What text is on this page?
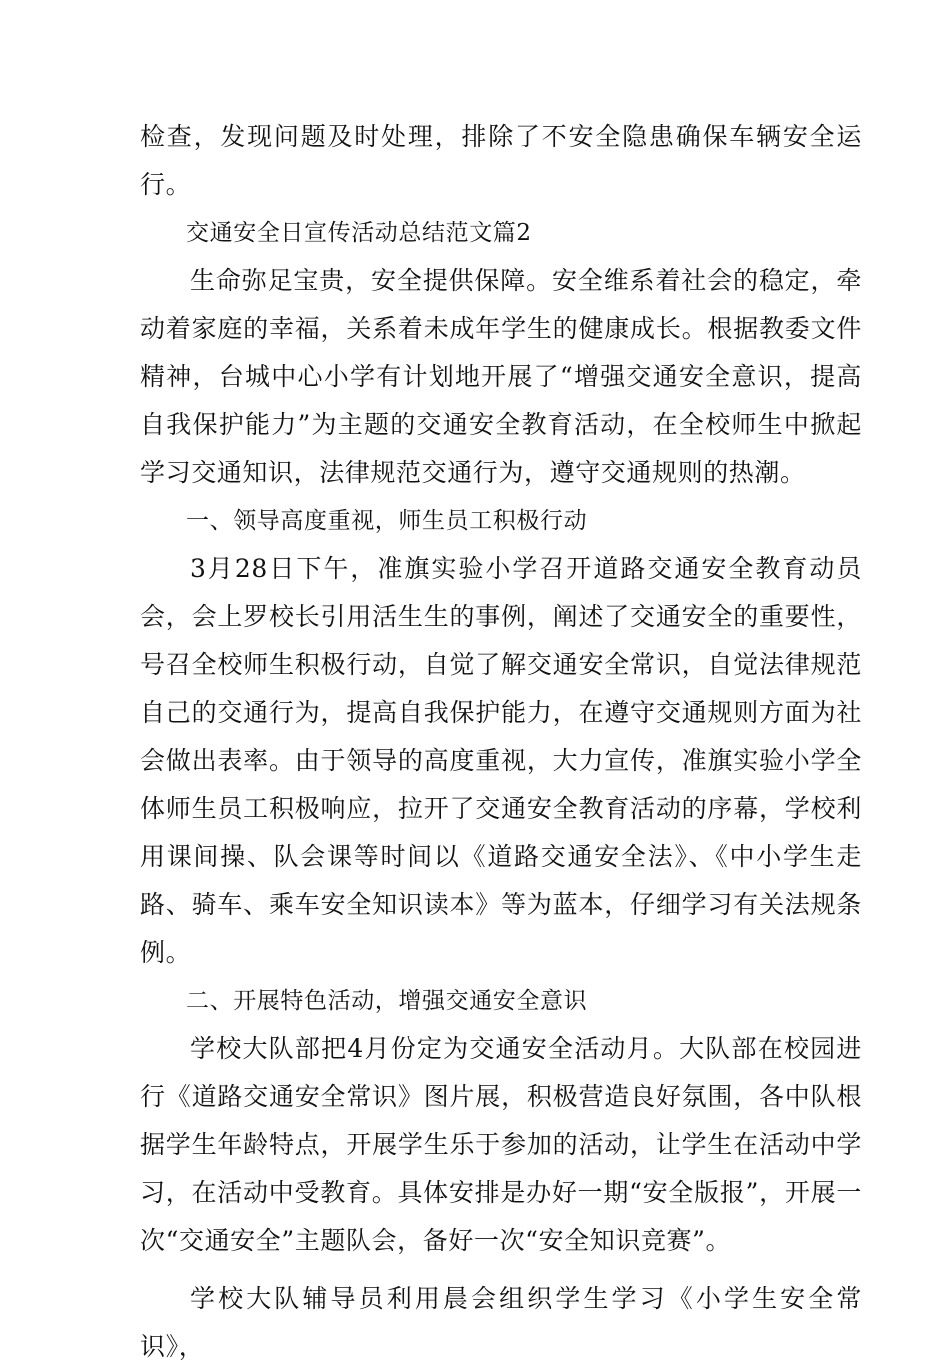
检查，发现问题及时处理，排除了不安全隐患确保车辆安全运行。

交通安全日宣传活动总结范文篇2

生命弥足宝贵，安全提供保障。安全维系着社会的稳定，牵动着家庭的幸福，关系着未成年学生的健康成长。根据教委文件精神，台城中心小学有计划地开展了“增强交通安全意识，提高自我保护能力”为主题的交通安全教育活动，在全校师生中掀起学习交通知识，法律规范交通行为，遵守交通规则的热潮。

一、领导高度重视，师生员工积极行动

3月28日下午，准旗实验小学召开道路交通安全教育动员会，会上罗校长引用活生生的事例，阐述了交通安全的重要性，号召全校师生积极行动，自觉了解交通安全常识，自觉法律规范自己的交通行为，提高自我保护能力，在遵守交通规则方面为社会做出表率。由于领导的高度重视，大力宣传，准旗实验小学全体师生员工积极响应，拉开了交通安全教育活动的序幕，学校利用课间操、队会课等时间以《道路交通安全法》、《中小学生走路、骑车、乘车安全知识读本》等为蓝本，仔细学习有关法规条例。

二、开展特色活动，增强交通安全意识

学校大队部把4月份定为交通安全活动月。大队部在校园进行《道路交通安全常识》图片展，积极营造良好氛围，各中队根据学生年龄特点，开展学生乐于参加的活动，让学生在活动中学习，在活动中受教育。具体安排是办好一期“安全版报”，开展一次“交通安全”主题队会，备好一次“安全知识竞赛”。

学校大队辅导员利用晨会组织学生学习《小学生安全常识》，
